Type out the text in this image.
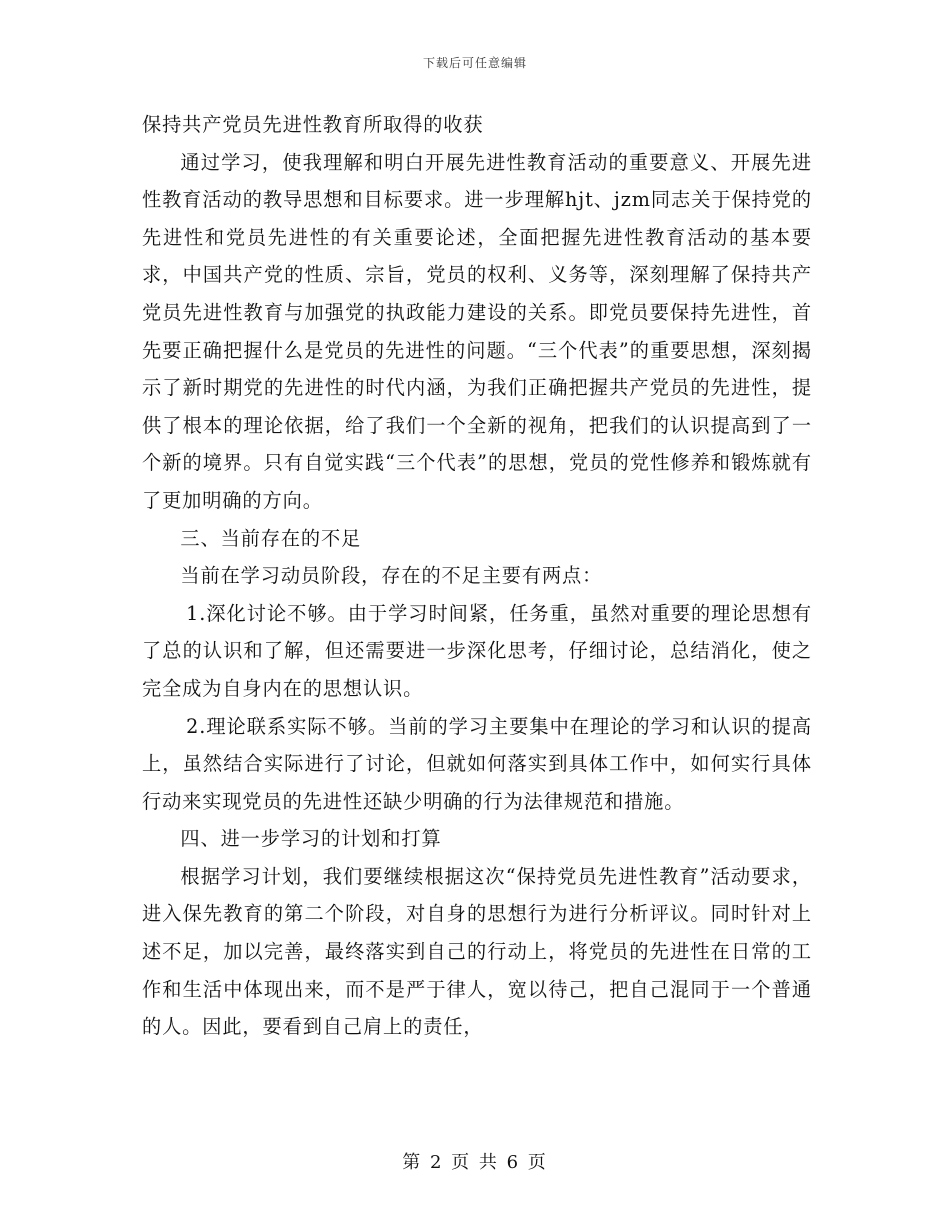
下载后可任意编辑

保持共产党员先进性教育所取得的收获

通过学习，使我理解和明白开展先进性教育活动的重要意义、开展先进性教育活动的教导思想和目标要求。进一步理解hjt、jzm同志关于保持党的先进性和党员先进性的有关重要论述，全面把握先进性教育活动的基本要求，中国共产党的性质、宗旨，党员的权利、义务等，深刻理解了保持共产党员先进性教育与加强党的执政能力建设的关系。即党员要保持先进性，首先要正确把握什么是党员的先进性的问题。“三个代表”的重要思想，深刻揭示了新时期党的先进性的时代内涵，为我们正确把握共产党员的先进性，提供了根本的理论依据，给了我们一个全新的视角，把我们的认识提高到了一个新的境界。只有自觉实践“三个代表”的思想，党员的党性修养和锻炼就有了更加明确的方向。

三、当前存在的不足

当前在学习动员阶段，存在的不足主要有两点：

1.深化讨论不够。由于学习时间紧，任务重，虽然对重要的理论思想有了总的认识和了解，但还需要进一步深化思考，仔细讨论，总结消化，使之完全成为自身内在的思想认识。

2.理论联系实际不够。当前的学习主要集中在理论的学习和认识的提高上，虽然结合实际进行了讨论，但就如何落实到具体工作中，如何实行具体行动来实现党员的先进性还缺少明确的行为法律规范和措施。

四、进一步学习的计划和打算

根据学习计划，我们要继续根据这次“保持党员先进性教育”活动要求，进入保先教育的第二个阶段，对自身的思想行为进行分析评议。同时针对上述不足，加以完善，最终落实到自己的行动上，将党员的先进性在日常的工作和生活中体现出来，而不是严于律人，宽以待己，把自己混同于一个普通的人。因此，要看到自己肩上的责任，

第 2 页 共 6 页
